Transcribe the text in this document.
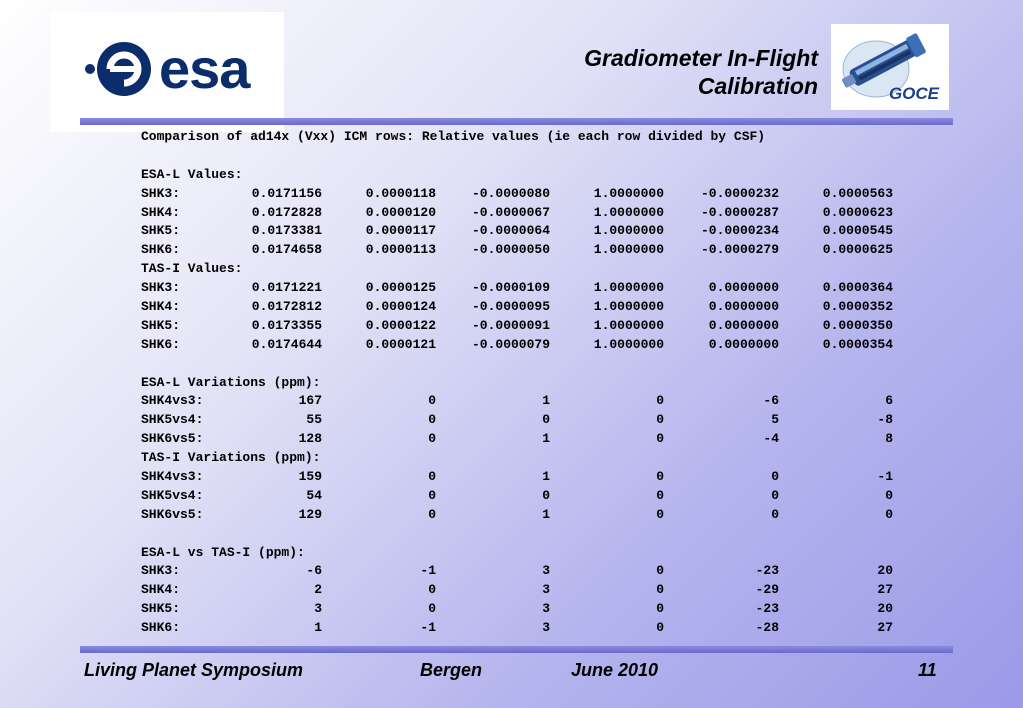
esa	Gradiometer In-Flight
Calibration	GOCE
Comparison of ad14x (Vxx) ICM rows: Relative values (ie each row divided by CSF)
ESA-L Values:
SHK3:	0.0171156	0.0000118	-0.0000080	1.0000000	-0.0000232	0.0000563
SHK4:	0.0172828	0.0000120	-0.0000067	1.0000000	-0.0000287	0.0000623
SHK5:	0.0173381	0.0000117	-0.0000064	1.0000000	-0.0000234	0.0000545
SHK6:	0.0174658	0.0000113	-0.0000050	1.0000000	-0.0000279	0.0000625
TAS-I Values:
SHK3:	0.0171221	0.0000125	-0.0000109	1.0000000	0.0000000	0.0000364
SHK4:	0.0172812	0.0000124	-0.0000095	1.0000000	0.0000000	0.0000352
SHK5:	0.0173355	0.0000122	-0.0000091	1.0000000	0.0000000	0.0000350
SHK6:	0.0174644	0.0000121	-0.0000079	1.0000000	0.0000000	0.0000354
ESA-L Variations (ppm):
SHK4vs3:	167	0	1	0	-6	6
SHK5vs4:	55	0	0	0	5	-8
SHK6vs5:	128	0	1	0	-4	8
TAS-I Variations (ppm):
SHK4vs3:	159	0	1	0	0	-1
SHK5vs4:	54	0	0	0	0	0
SHK6vs5:	129	0	1	0	0	0
ESA-L vs TAS-I (ppm):
SHK3:	-6	-1	3	0	-23	20
SHK4:	2	0	3	0	-29	27
SHK5:	3	0	3	0	-23	20
SHK6:	1	-1	3	0	-28	27
Living Planet Symposium	Bergen	June 2010	11
